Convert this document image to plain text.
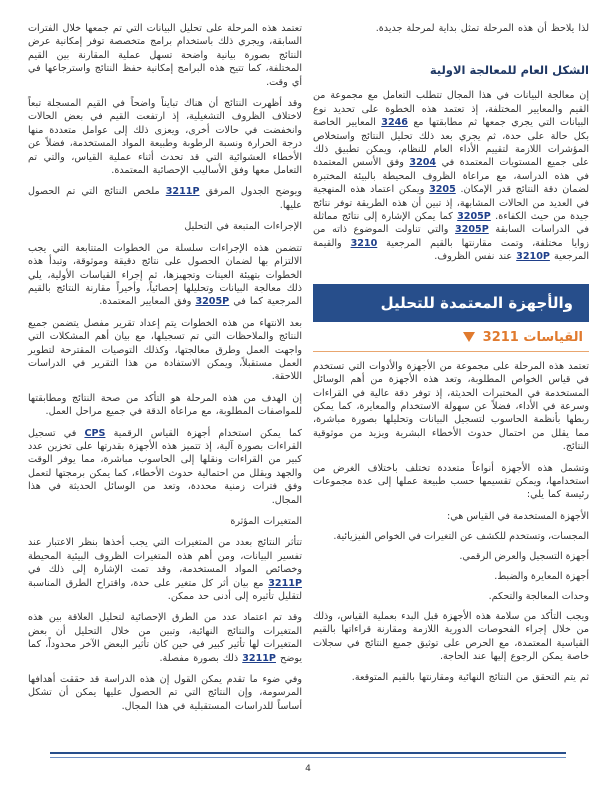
لذا يلاحظ أن هذه المرحلة تمثل بداية لمرحلة جديدة.

الشكل العام للمعالجة الاولية

إن معالجة البيانات في هذا المجال تتطلب التعامل مع مجموعة من القيم والمعايير المختلفة، إذ تعتمد هذه الخطوة على تحديد نوع البيانات التي يجري جمعها ثم مطابقتها مع 3246 المعايير الخاصة بكل حالة على حدة، ثم يجري بعد ذلك تحليل النتائج واستخلاص المؤشرات اللازمة لتقييم الأداء العام للنظام، ويمكن تطبيق ذلك على جميع المستويات المعتمدة في 3204 وفق الأسس المعتمدة في هذه الدراسة، مع مراعاة الظروف المحيطة بالبيئة المختبرة لضمان دقة النتائج قدر الإمكان. 3205 ويمكن اعتماد هذه المنهجية في العديد من الحالات المشابهة، إذ تبين أن هذه الطريقة توفر نتائج جيدة من حيث الكفاءة. 3205P كما يمكن الإشارة إلى نتائج مماثلة في الدراسات السابقة 3205P والتي تناولت الموضوع ذاته من زوايا مختلفة، وتمت مقارنتها بالقيم المرجعية 3210 والقيمة المرجعية 3210P عند نفس الظروف.

والأجهزة المعتمدة للتحليل
القياسات 3211

تعتمد هذه المرحلة على مجموعة من الأجهزة والأدوات التي تستخدم في قياس الخواص المطلوبة، وتعد هذه الأجهزة من أهم الوسائل المستخدمة في المختبرات الحديثة، إذ توفر دقة عالية في القراءات وسرعة في الأداء، فضلاً عن سهولة الاستخدام والمعايرة، كما يمكن ربطها بأنظمة الحاسوب لتسجيل البيانات وتحليلها بصورة مباشرة، مما يقلل من احتمال حدوث الأخطاء البشرية ويزيد من موثوقية النتائج.

وتشمل هذه الأجهزة أنواعاً متعددة تختلف باختلاف الغرض من استخدامها، ويمكن تقسيمها حسب طبيعة عملها إلى عدة مجموعات رئيسة كما يلي:

الأجهزة المستخدمة في القياس هي:
المجسات، وتستخدم للكشف عن التغيرات في الخواص الفيزيائية.
أجهزة التسجيل والعرض الرقمي.
أجهزة المعايرة والضبط.
وحدات المعالجة والتحكم.

ويجب التأكد من سلامة هذه الأجهزة قبل البدء بعملية القياس، وذلك من خلال إجراء الفحوصات الدورية اللازمة ومقارنة قراءاتها بالقيم القياسية المعتمدة، مع الحرص على توثيق جميع النتائج في سجلات خاصة يمكن الرجوع إليها عند الحاجة.

ثم يتم التحقق من النتائج النهائية ومقارنتها بالقيم المتوقعة.

تعتمد هذه المرحلة على تحليل البيانات التي تم جمعها خلال الفترات السابقة، ويجري ذلك باستخدام برامج متخصصة توفر إمكانية عرض النتائج بصورة بيانية واضحة تسهل عملية المقارنة بين القيم المختلفة، كما تتيح هذه البرامج إمكانية حفظ النتائج واسترجاعها في أي وقت.

وقد أظهرت النتائج أن هناك تبايناً واضحاً في القيم المسجلة تبعاً لاختلاف الظروف التشغيلية، إذ ارتفعت القيم في بعض الحالات وانخفضت في حالات أخرى، ويعزى ذلك إلى عوامل متعددة منها درجة الحرارة ونسبة الرطوبة وطبيعة المواد المستخدمة، فضلاً عن الأخطاء العشوائية التي قد تحدث أثناء عملية القياس، والتي تم التعامل معها وفق الأساليب الإحصائية المعتمدة.

ويوضح الجدول المرفق 3211P ملخص النتائج التي تم الحصول عليها.

الإجراءات المتبعة في التحليل

تتضمن هذه الإجراءات سلسلة من الخطوات المتتابعة التي يجب الالتزام بها لضمان الحصول على نتائج دقيقة وموثوقة، وتبدأ هذه الخطوات بتهيئة العينات وتجهيزها، ثم إجراء القياسات الأولية، يلي ذلك معالجة البيانات وتحليلها إحصائياً، وأخيراً مقارنة النتائج بالقيم المرجعية كما في 3205P وفق المعايير المعتمدة.

بعد الانتهاء من هذه الخطوات يتم إعداد تقرير مفصل يتضمن جميع النتائج والملاحظات التي تم تسجيلها، مع بيان أهم المشكلات التي واجهت العمل وطرق معالجتها، وكذلك التوصيات المقترحة لتطوير العمل مستقبلاً، ويمكن الاستفادة من هذا التقرير في الدراسات اللاحقة.

إن الهدف من هذه المرحلة هو التأكد من صحة النتائج ومطابقتها للمواصفات المطلوبة، مع مراعاة الدقة في جميع مراحل العمل.

كما يمكن استخدام أجهزة القياس الرقمية CPS في تسجيل القراءات بصورة آلية، إذ تتميز هذه الأجهزة بقدرتها على تخزين عدد كبير من القراءات ونقلها إلى الحاسوب مباشرة، مما يوفر الوقت والجهد ويقلل من احتمالية حدوث الأخطاء، كما يمكن برمجتها لتعمل وفق فترات زمنية محددة، وتعد من الوسائل الحديثة في هذا المجال.

المتغيرات المؤثرة

تتأثر النتائج بعدد من المتغيرات التي يجب أخذها بنظر الاعتبار عند تفسير البيانات، ومن أهم هذه المتغيرات الظروف البيئية المحيطة وخصائص المواد المستخدمة، وقد تمت الإشارة إلى ذلك في 3211P مع بيان أثر كل متغير على حدة، واقتراح الطرق المناسبة لتقليل تأثيره إلى أدنى حد ممكن.

وقد تم اعتماد عدد من الطرق الإحصائية لتحليل العلاقة بين هذه المتغيرات والنتائج النهائية، وتبين من خلال التحليل أن بعض المتغيرات لها تأثير كبير في حين كان تأثير البعض الآخر محدوداً، كما يوضح 3211P ذلك بصورة مفصلة.

وفي ضوء ما تقدم يمكن القول إن هذه الدراسة قد حققت أهدافها المرسومة، وإن النتائج التي تم الحصول عليها يمكن أن تشكل أساساً للدراسات المستقبلية في هذا المجال.

4
